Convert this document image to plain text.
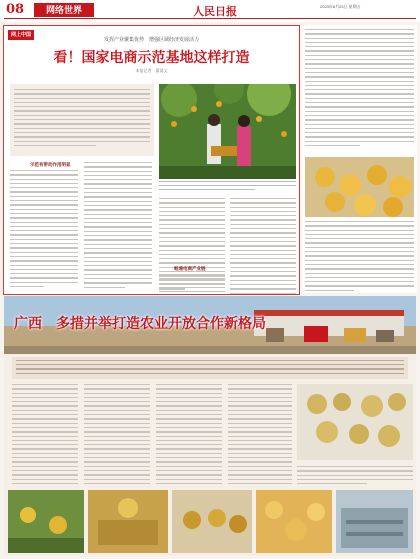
08	网络世界	人民日报	2023年8月25日 星期五
网上中国
发挥产业聚集优势　增强区域经济发展活力
看！国家电商示范基地这样打造
本报记者　董涌文
示范有带动作用明显
畅通电商产业链
广西　多措并举打造农业开放合作新格局
